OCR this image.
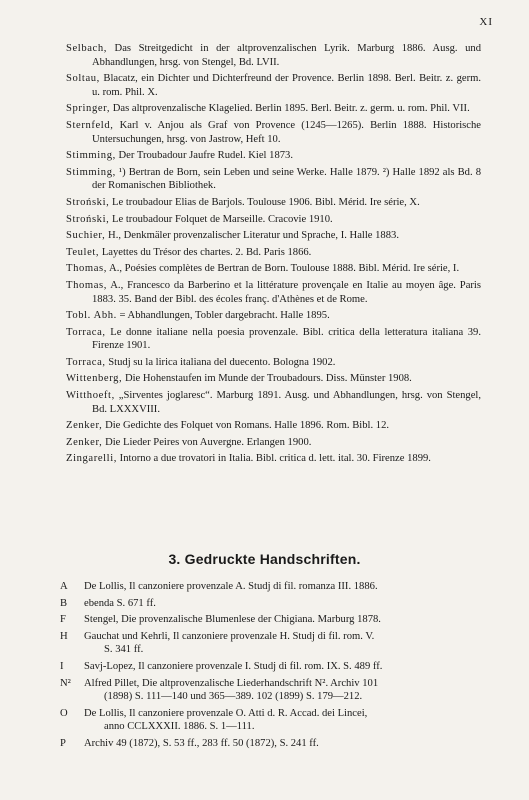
XI
Selbach, Das Streitgedicht in der altprovenzalischen Lyrik. Marburg 1886. Ausg. und Abhandlungen, hrsg. von Stengel, Bd. LVII.
Soltau, Blacatz, ein Dichter und Dichterfreund der Provence. Berlin 1898. Berl. Beitr. z. germ. u. rom. Phil. X.
Springer, Das altprovenzalische Klagelied. Berlin 1895. Berl. Beitr. z. germ. u. rom. Phil. VII.
Sternfeld, Karl v. Anjou als Graf von Provence (1245—1265). Berlin 1888. Historische Untersuchungen, hrsg. von Jastrow, Heft 10.
Stimming, Der Troubadour Jaufre Rudel. Kiel 1873.
Stimming, ¹) Bertran de Born, sein Leben und seine Werke. Halle 1879. ²) Halle 1892 als Bd. 8 der Romanischen Bibliothek.
Stroński, Le troubadour Elias de Barjols. Toulouse 1906. Bibl. Mérid. Ire série, X.
Stroński, Le troubadour Folquet de Marseille. Cracovie 1910.
Suchier, H., Denkmäler provenzalischer Literatur und Sprache, I. Halle 1883.
Teulet, Layettes du Trésor des chartes. 2. Bd. Paris 1866.
Thomas, A., Poésies complètes de Bertran de Born. Toulouse 1888. Bibl. Mérid. Ire série, I.
Thomas, A., Francesco da Barberino et la littérature provençale en Italie au moyen âge. Paris 1883. 35. Band der Bibl. des écoles franç. d'Athènes et de Rome.
Tobl. Abh. = Abhandlungen, Tobler dargebracht. Halle 1895.
Torraca, Le donne italiane nella poesia provenzale. Bibl. critica della letteratura italiana 39. Firenze 1901.
Torraca, Studj su la lirica italiana del duecento. Bologna 1902.
Wittenberg, Die Hohenstaufen im Munde der Troubadours. Diss. Münster 1908.
Witthoeft, „Sirventes joglaresc“. Marburg 1891. Ausg. und Abhandlungen, hrsg. von Stengel, Bd. LXXXVIII.
Zenker, Die Gedichte des Folquet von Romans. Halle 1896. Rom. Bibl. 12.
Zenker, Die Lieder Peires von Auvergne. Erlangen 1900.
Zingarelli, Intorno a due trovatori in Italia. Bibl. critica d. lett. ital. 30. Firenze 1899.
3. Gedruckte Handschriften.
A	De Lollis, Il canzoniere provenzale A. Studj di fil. romanza III. 1886.
B	ebenda S. 671 ff.
F	Stengel, Die provenzalische Blumenlese der Chigiana. Marburg 1878.
H	Gauchat und Kehrli, Il canzoniere provenzale H. Studj di fil. rom. V.
S. 341 ff.
I	Savj-Lopez, Il canzoniere provenzale I. Studj di fil. rom. IX. S. 489 ff.
N²	Alfred Pillet, Die altprovenzalische Liederhandschrift N². Archiv 101
(1898) S. 111—140 und 365—389. 102 (1899) S. 179—212.
O	De Lollis, Il canzoniere provenzale O. Atti d. R. Accad. dei Lincei,
anno CCLXXXII. 1886. S. 1—111.
P	Archiv 49 (1872), S. 53 ff., 283 ff. 50 (1872), S. 241 ff.
